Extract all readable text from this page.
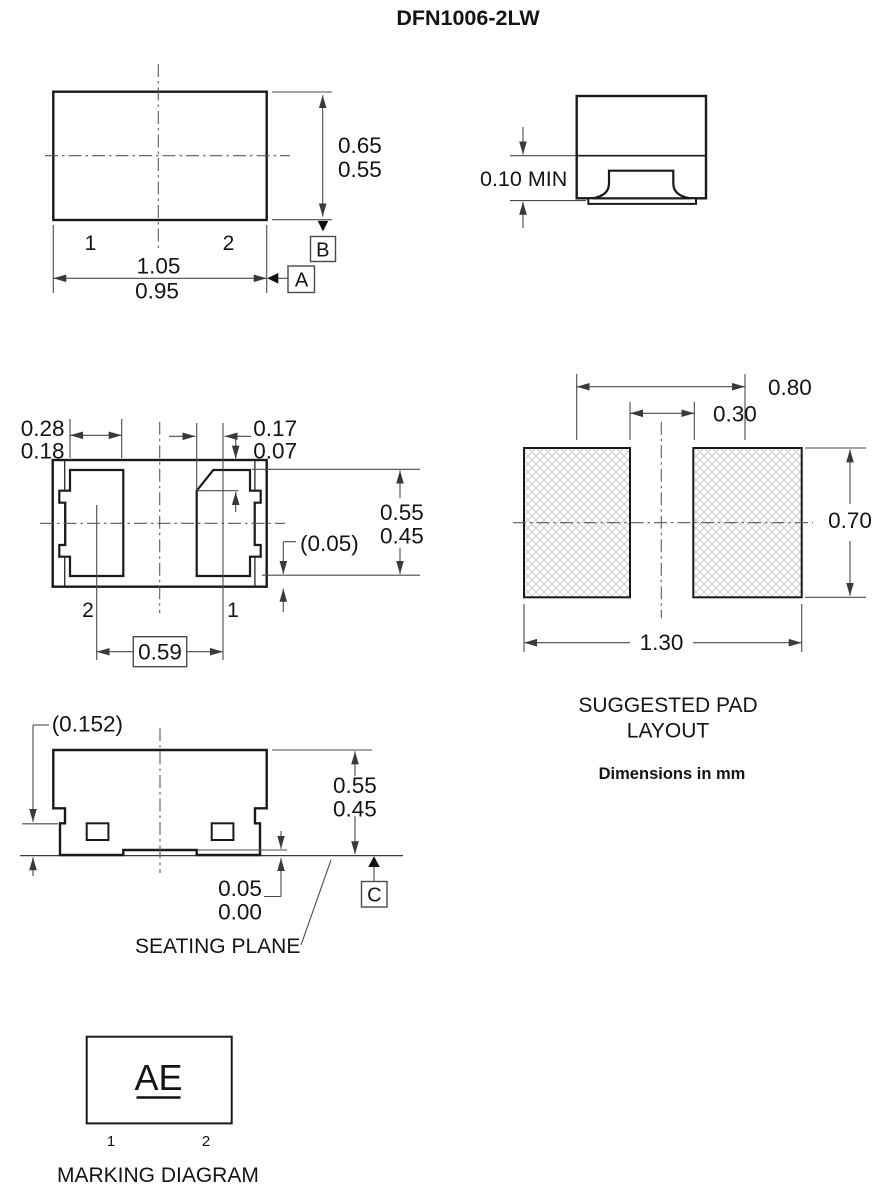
DFN1006-2LW
0.65
0.55
1.05
0.95
1	2	B
A
0.10 MIN
0.28
0.18
0.17
0.07
0.55
0.45
(0.05)
0.59
2	1
0.80
0.30
0.70
1.30
SUGGESTED PAD
LAYOUT
Dimensions in mm
(0.152)
0.55
0.45
0.05
0.00
SEATING PLANE
C
AE
1	2
MARKING DIAGRAM
